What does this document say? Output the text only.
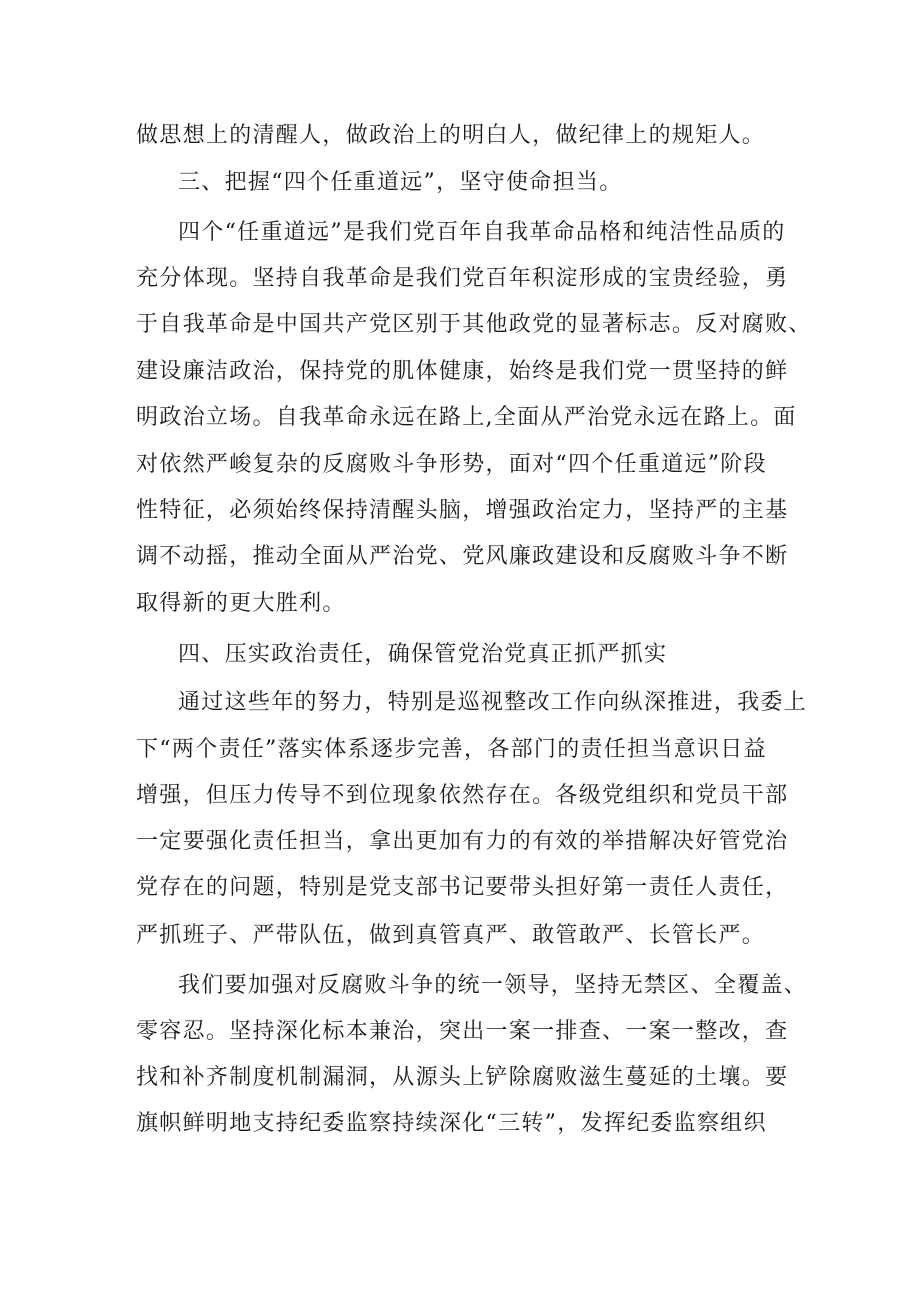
做思想上的清醒人，做政治上的明白人，做纪律上的规矩人。
三、把握“四个任重道远”，坚守使命担当。
四个“任重道远”是我们党百年自我革命品格和纯洁性品质的
充分体现。坚持自我革命是我们党百年积淀形成的宝贵经验，勇
于自我革命是中国共产党区别于其他政党的显著标志。反对腐败、
建设廉洁政治，保持党的肌体健康，始终是我们党一贯坚持的鲜
明政治立场。自我革命永远在路上,全面从严治党永远在路上。面
对依然严峻复杂的反腐败斗争形势，面对“四个任重道远”阶段
性特征，必须始终保持清醒头脑，增强政治定力，坚持严的主基
调不动摇，推动全面从严治党、党风廉政建设和反腐败斗争不断
取得新的更大胜利。
四、压实政治责任，确保管党治党真正抓严抓实
通过这些年的努力，特别是巡视整改工作向纵深推进，我委上
下“两个责任”落实体系逐步完善，各部门的责任担当意识日益
增强，但压力传导不到位现象依然存在。各级党组织和党员干部
一定要强化责任担当，拿出更加有力的有效的举措解决好管党治
党存在的问题，特别是党支部书记要带头担好第一责任人责任，
严抓班子、严带队伍，做到真管真严、敢管敢严、长管长严。
我们要加强对反腐败斗争的统一领导，坚持无禁区、全覆盖、
零容忍。坚持深化标本兼治，突出一案一排查、一案一整改，查
找和补齐制度机制漏洞，从源头上铲除腐败滋生蔓延的土壤。要
旗帜鲜明地支持纪委监察持续深化“三转”，发挥纪委监察组织
